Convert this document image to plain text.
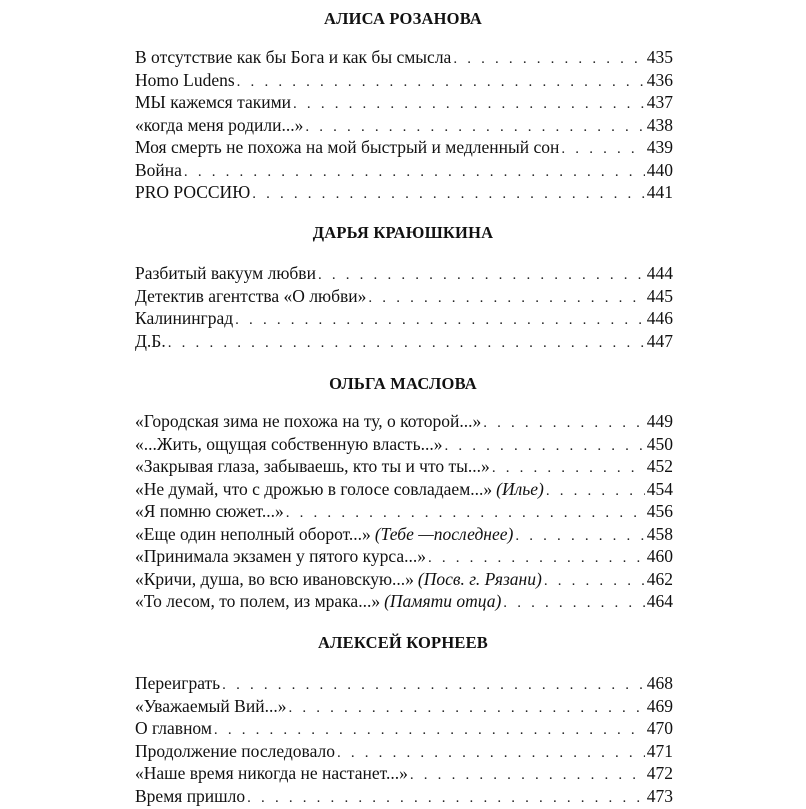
АЛИСА РОЗАНОВА
В отсутствие как бы Бога и как бы смысла . . .	435
Homo Ludens . . .	436
МЫ кажемся такими . . .	437
«когда меня родили...» . . .	438
Моя смерть не похожа на мой быстрый и медленный сон . . .	439
Война . . .	440
PRO РОССИЮ . . .	441
ДАРЬЯ КРАЮШКИНА
Разбитый вакуум любви . . .	444
Детектив агентства «О любви» . . .	445
Калининград . . .	446
Д.Б. . . .	447
ОЛЬГА МАСЛОВА
«Городская зима не похожа на ту, о которой...» . . .	449
«...Жить, ощущая собственную власть...» . . .	450
«Закрывая глаза, забываешь, кто ты и что ты...» . . .	452
«Не думай, что с дрожью в голосе совладаем...» (Илье) . . .	454
«Я помню сюжет...» . . .	456
«Еще один неполный оборот...» (Тебе —последнее) . . .	458
«Принимала экзамен у пятого курса...» . . .	460
«Кричи, душа, во всю ивановскую...» (Посв. г. Рязани) . . .	462
«То лесом, то полем, из мрака...» (Памяти отца) . . .	464
АЛЕКСЕЙ КОРНЕЕВ
Переиграть . . .	468
«Уважаемый Вий...» . . .	469
О главном . . .	470
Продолжение последовало . . .	471
«Наше время никогда не настанет...» . . .	472
Время пришло . . .	473
